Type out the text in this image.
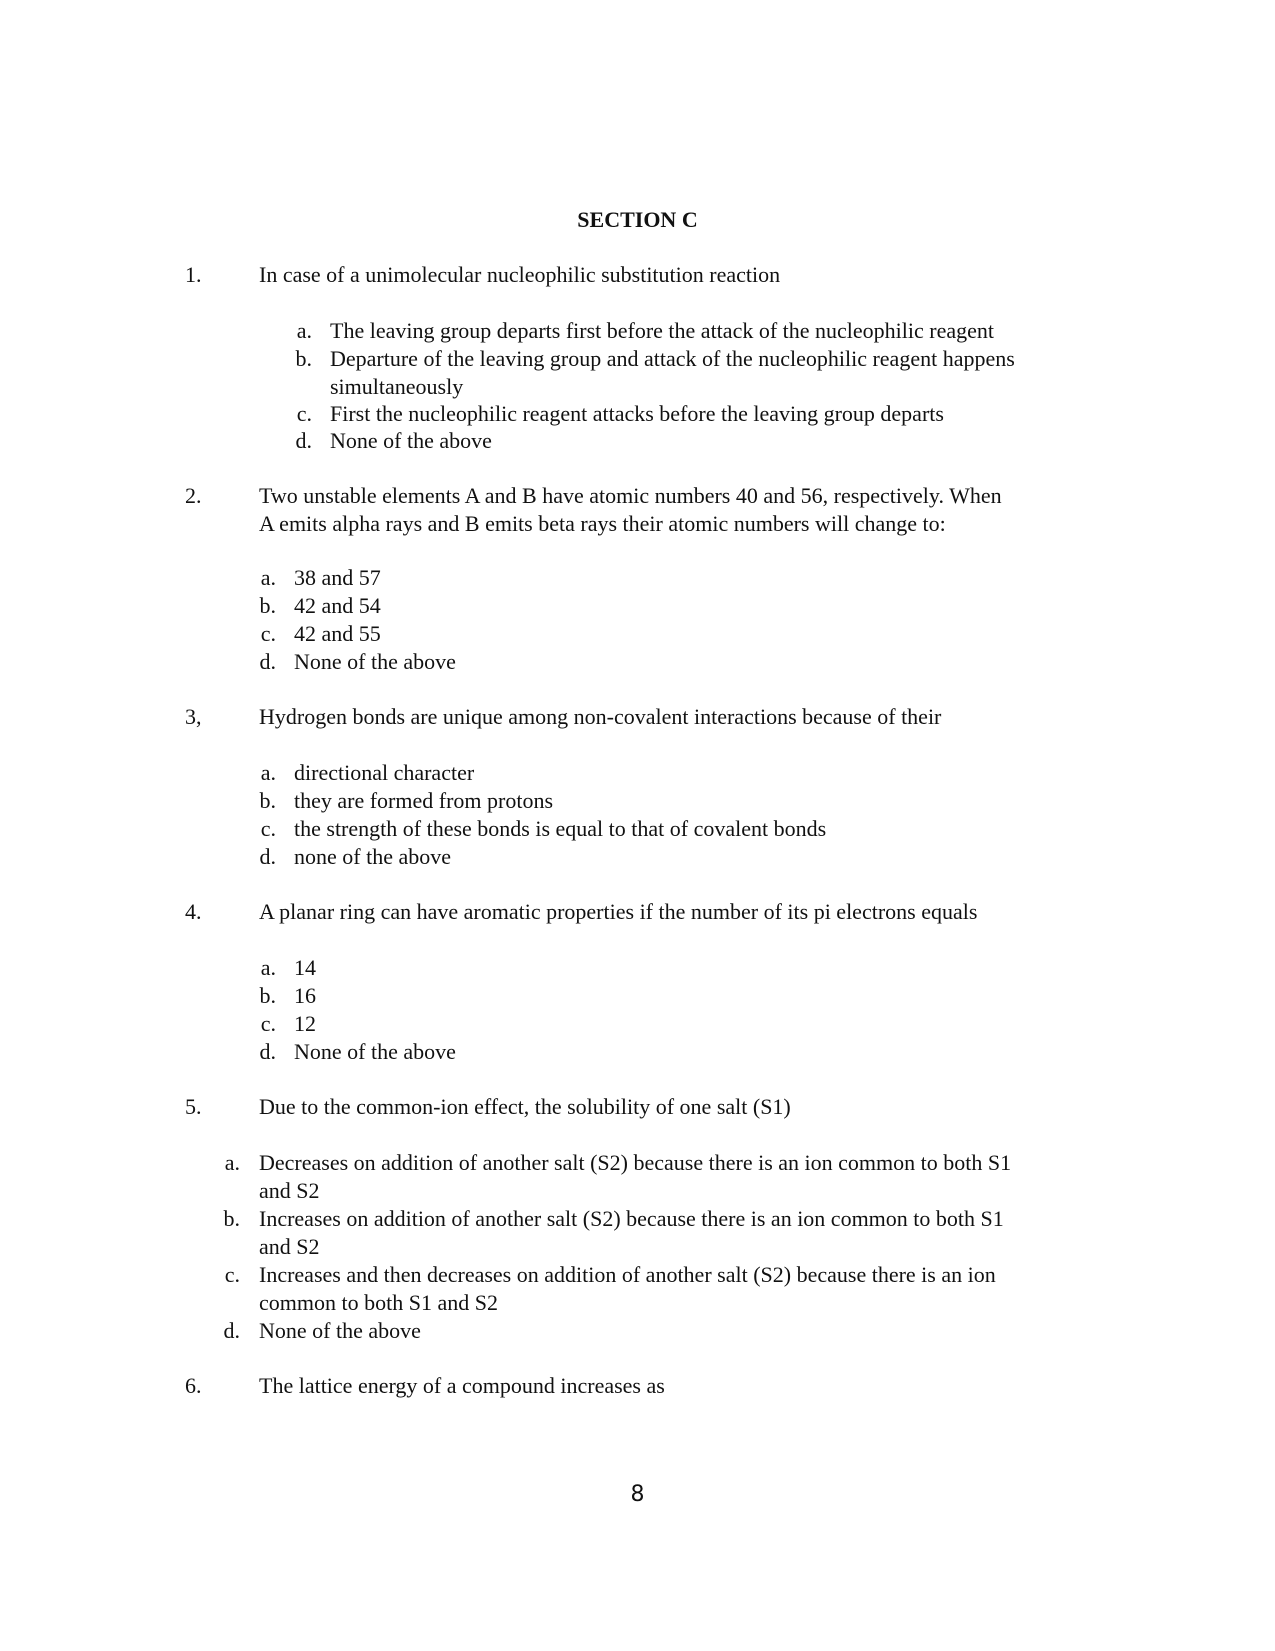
SECTION C
1.	In case of a unimolecular nucleophilic substitution reaction
a. The leaving group departs first before the attack of the nucleophilic reagent
b. Departure of the leaving group and attack of the nucleophilic reagent happens
simultaneously
c. First the nucleophilic reagent attacks before the leaving group departs
d. None of the above
2.	Two unstable elements A and B have atomic numbers 40 and 56, respectively. When
A emits alpha rays and B emits beta rays their atomic numbers will change to:
a. 38 and 57
b. 42 and 54
c. 42 and 55
d. None of the above
3,	Hydrogen bonds are unique among non-covalent interactions because of their
a. directional character
b. they are formed from protons
c. the strength of these bonds is equal to that of covalent bonds
d. none of the above
4.	A planar ring can have aromatic properties if the number of its pi electrons equals
a. 14
b. 16
c. 12
d. None of the above
5.	Due to the common-ion effect, the solubility of one salt (S1)
a. Decreases on addition of another salt (S2) because there is an ion common to both S1
and S2
b. Increases on addition of another salt (S2) because there is an ion common to both S1
and S2
c. Increases and then decreases on addition of another salt (S2) because there is an ion
common to both S1 and S2
d. None of the above
6.	The lattice energy of a compound increases as
8
